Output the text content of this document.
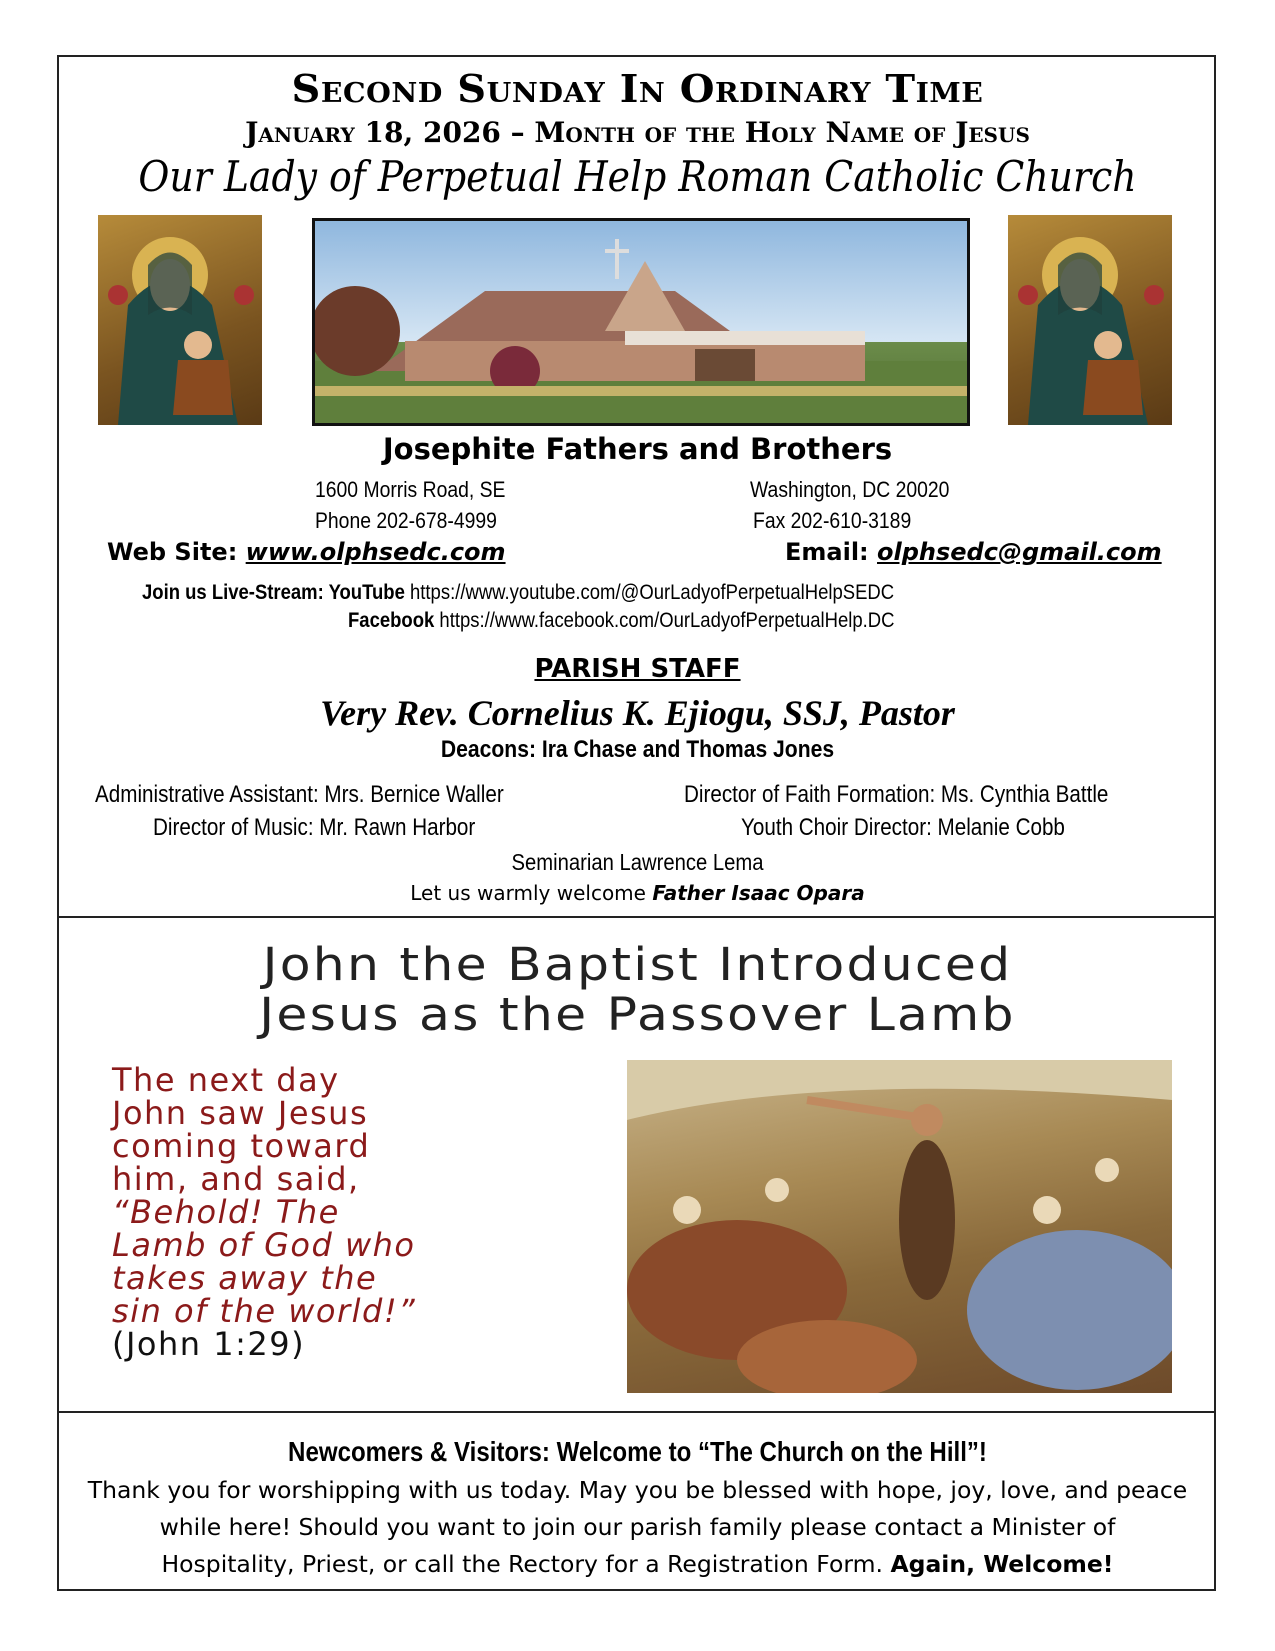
Second Sunday In Ordinary Time
January 18, 2026 – Month of the Holy Name of Jesus
Our Lady of Perpetual Help Roman Catholic Church
Josephite Fathers and Brothers
1600 Morris Road, SE	Washington, DC 20020
Phone 202-678-4999	Fax 202-610-3189
Web Site: www.olphsedc.com	Email: olphsedc@gmail.com
Join us Live-Stream: YouTube https://www.youtube.com/@OurLadyofPerpetualHelpSEDC
Facebook https://www.facebook.com/OurLadyofPerpetualHelp.DC
PARISH STAFF
Very Rev. Cornelius K. Ejiogu, SSJ, Pastor
Deacons: Ira Chase and Thomas Jones
Administrative Assistant: Mrs. Bernice Waller	Director of Faith Formation: Ms. Cynthia Battle
Director of Music: Mr. Rawn Harbor	Youth Choir Director: Melanie Cobb
Seminarian Lawrence Lema
Let us warmly welcome Father Isaac Opara
John the Baptist Introduced
Jesus as the Passover Lamb
The next day
John saw Jesus
coming toward
him, and said,
“Behold! The
Lamb of God who
takes away the
sin of the world!”
(John 1:29)
Newcomers & Visitors: Welcome to “The Church on the Hill”!
Thank you for worshipping with us today. May you be blessed with hope, joy, love, and peace
while here! Should you want to join our parish family please contact a Minister of
Hospitality, Priest, or call the Rectory for a Registration Form. Again, Welcome!
